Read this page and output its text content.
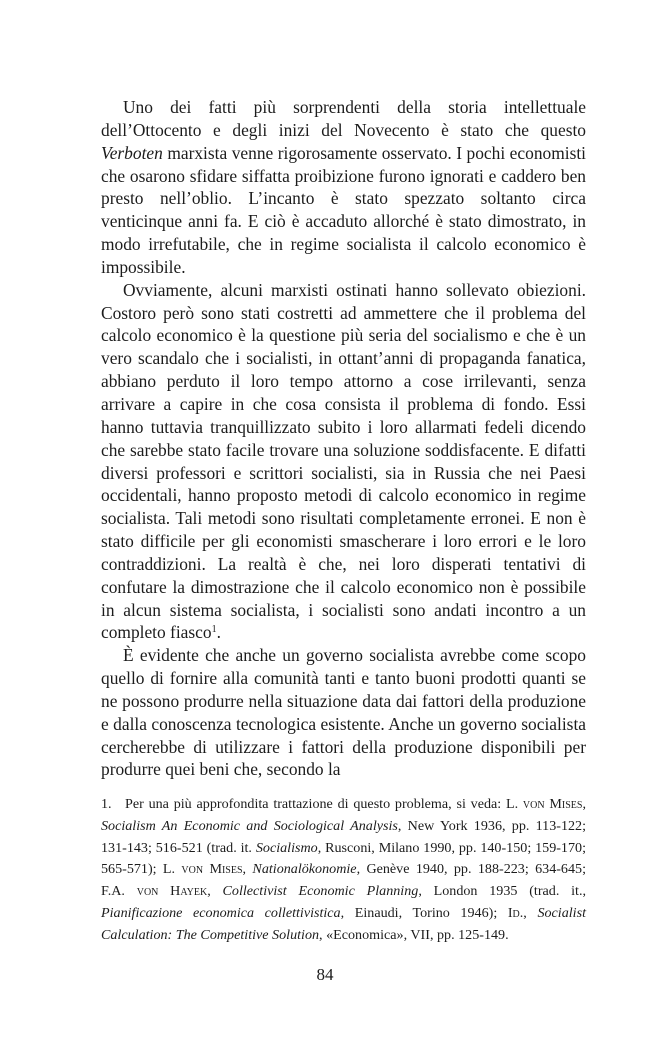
Uno dei fatti più sorprendenti della storia intellettuale dell’Ottocento e degli inizi del Novecento è stato che questo Verboten marxista venne rigorosamente osservato. I pochi economisti che osarono sfidare siffatta proibizione furono ignorati e caddero ben presto nell’oblio. L’incanto è stato spezzato soltanto circa venticinque anni fa. E ciò è accaduto allorché è stato dimostrato, in modo irrefutabile, che in regime socialista il calcolo economico è impossibile.

Ovviamente, alcuni marxisti ostinati hanno sollevato obiezioni. Costoro però sono stati costretti ad ammettere che il problema del calcolo economico è la questione più seria del socialismo e che è un vero scandalo che i socialisti, in ottant’anni di propaganda fanatica, abbiano perduto il loro tempo attorno a cose irrilevanti, senza arrivare a capire in che cosa consista il problema di fondo. Essi hanno tuttavia tranquillizzato subito i loro allarmati fedeli dicendo che sarebbe stato facile trovare una soluzione soddisfacente. E difatti diversi professori e scrittori socialisti, sia in Russia che nei Paesi occidentali, hanno proposto metodi di calcolo economico in regime socialista. Tali metodi sono risultati completamente erronei. E non è stato difficile per gli economisti smascherare i loro errori e le loro contraddizioni. La realtà è che, nei loro disperati tentativi di confutare la dimostrazione che il calcolo economico non è possibile in alcun sistema socialista, i socialisti sono andati incontro a un completo fiasco$^1$.

È evidente che anche un governo socialista avrebbe come scopo quello di fornire alla comunità tanti e tanto buoni prodotti quanti se ne possono produrre nella situazione data dai fattori della produzione e dalla conoscenza tecnologica esistente. Anche un governo socialista cercherebbe di utilizzare i fattori della produzione disponibili per produrre quei beni che, secondo la

1. Per una più approfondita trattazione di questo problema, si veda: L. von Mises, Socialism An Economic and Sociological Analysis, New York 1936, pp. 113-122; 131-143; 516-521 (trad. it. Socialismo, Rusconi, Milano 1990, pp. 140-150; 159-170; 565-571); L. von Mises, Nationalökonomie, Genève 1940, pp. 188-223; 634-645; F.A. von Hayek, Collectivist Economic Planning, London 1935 (trad. it., Pianificazione economica collettivistica, Einaudi, Torino 1946); Id., Socialist Calculation: The Competitive Solution, «Economica», VII, pp. 125-149.

84
